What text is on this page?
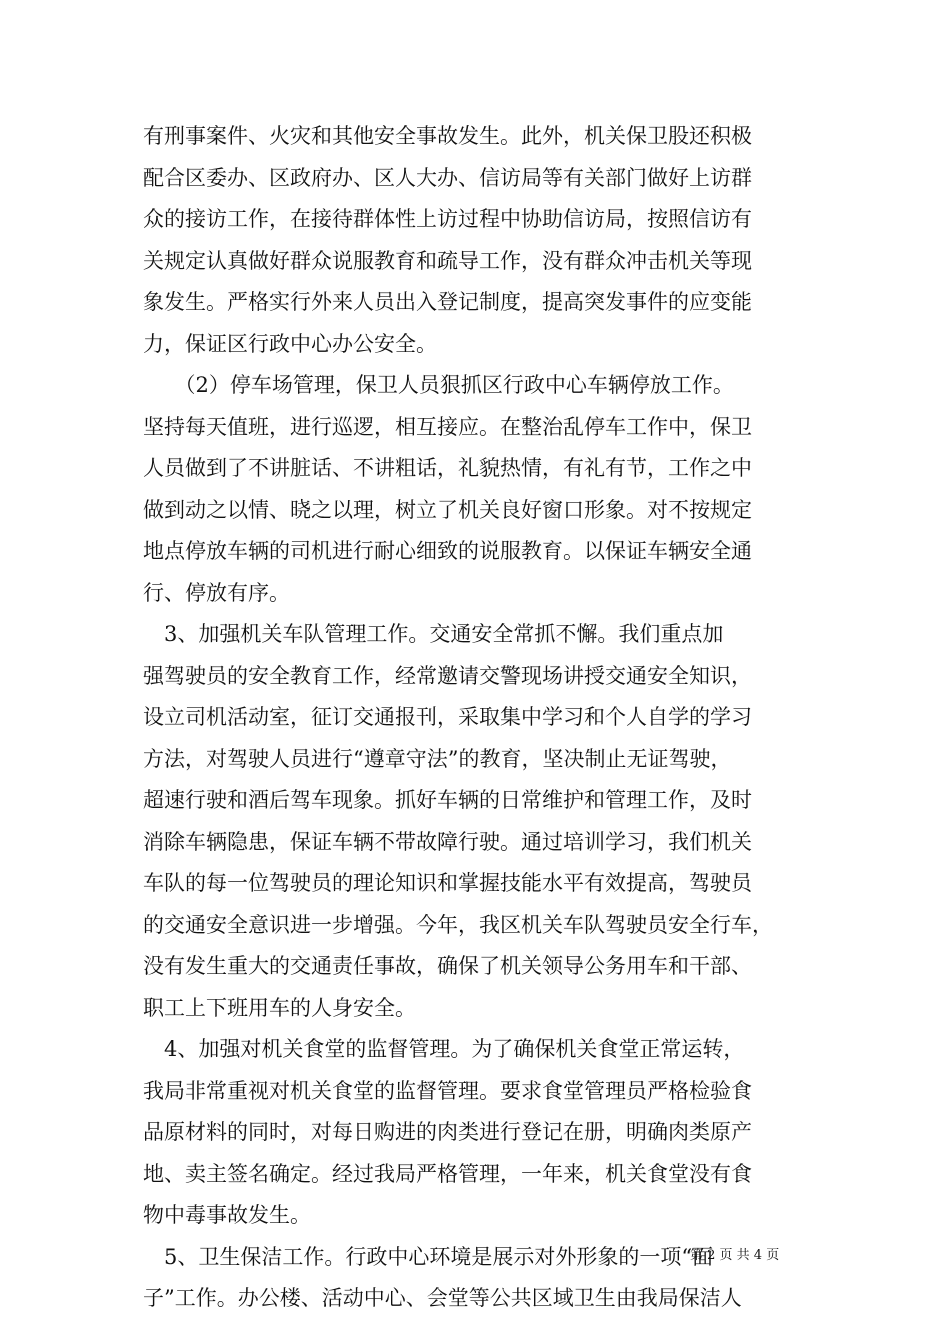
有刑事案件、火灾和其他安全事故发生。此外，机关保卫股还积极
配合区委办、区政府办、区人大办、信访局等有关部门做好上访群
众的接访工作，在接待群体性上访过程中协助信访局，按照信访有
关规定认真做好群众说服教育和疏导工作，没有群众冲击机关等现
象发生。严格实行外来人员出入登记制度，提高突发事件的应变能
力，保证区行政中心办公安全。
　　（2）停车场管理，保卫人员狠抓区行政中心车辆停放工作。
坚持每天值班，进行巡逻，相互接应。在整治乱停车工作中，保卫
人员做到了不讲脏话、不讲粗话，礼貌热情，有礼有节，工作之中
做到动之以情、晓之以理，树立了机关良好窗口形象。对不按规定
地点停放车辆的司机进行耐心细致的说服教育。以保证车辆安全通
行、停放有序。
　3、加强机关车队管理工作。交通安全常抓不懈。我们重点加
强驾驶员的安全教育工作，经常邀请交警现场讲授交通安全知识，
设立司机活动室，征订交通报刊，采取集中学习和个人自学的学习
方法，对驾驶人员进行“遵章守法”的教育，坚决制止无证驾驶，
超速行驶和酒后驾车现象。抓好车辆的日常维护和管理工作，及时
消除车辆隐患，保证车辆不带故障行驶。通过培训学习，我们机关
车队的每一位驾驶员的理论知识和掌握技能水平有效提高，驾驶员
的交通安全意识进一步增强。今年，我区机关车队驾驶员安全行车，
没有发生重大的交通责任事故，确保了机关领导公务用车和干部、
职工上下班用车的人身安全。
　4、加强对机关食堂的监督管理。为了确保机关食堂正常运转，
我局非常重视对机关食堂的监督管理。要求食堂管理员严格检验食
品原材料的同时，对每日购进的肉类进行登记在册，明确肉类原产
地、卖主签名确定。经过我局严格管理，一年来，机关食堂没有食
物中毒事故发生。
　5、卫生保洁工作。行政中心环境是展示对外形象的一项“面
子”工作。办公楼、活动中心、会堂等公共区域卫生由我局保洁人
第 2 页 共 4 页
